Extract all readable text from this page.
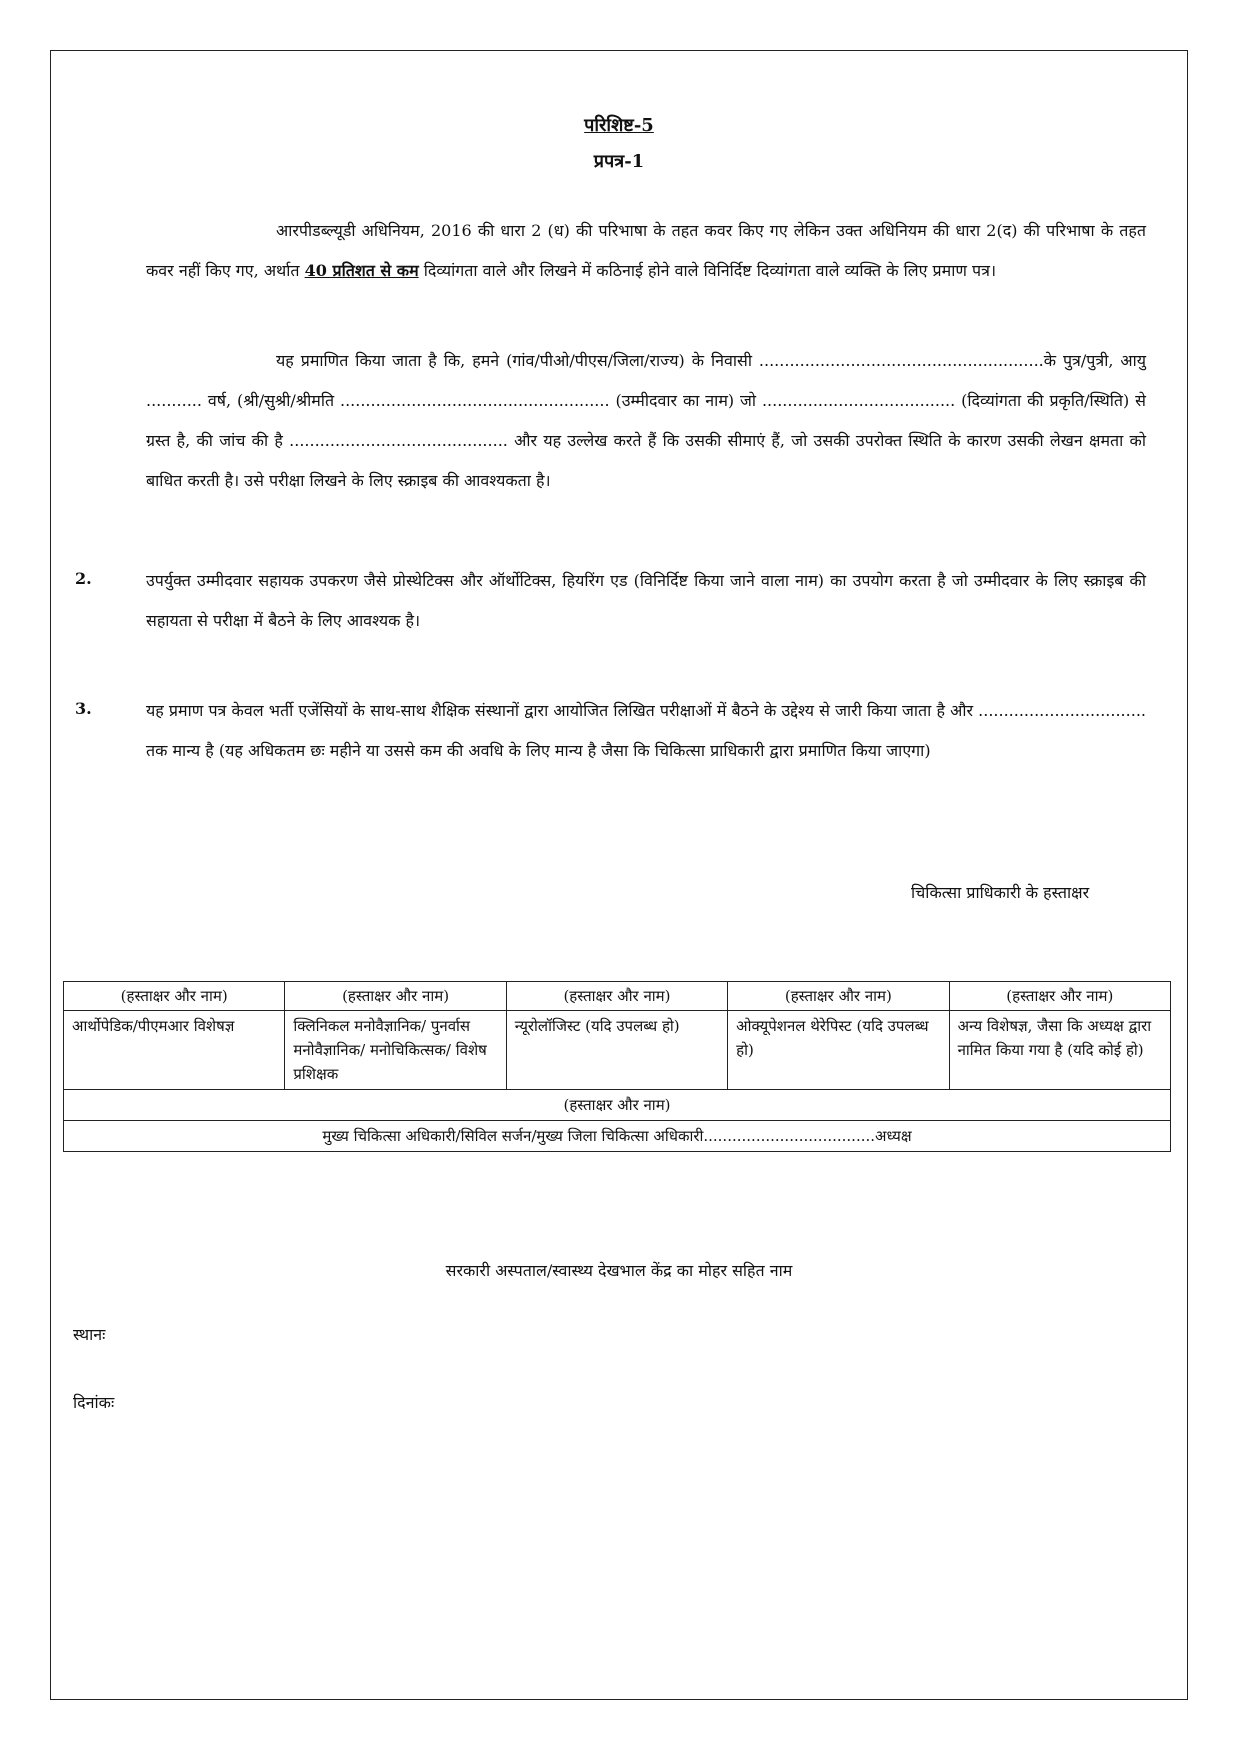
परिशिष्ट-5
प्रपत्र-1
आरपीडब्ल्यूडी अधिनियम, 2016 की धारा 2 (ध) की परिभाषा के तहत कवर किए गए लेकिन उक्त अधिनियम की धारा 2(द) की परिभाषा के तहत कवर नहीं किए गए, अर्थात 40 प्रतिशत से कम दिव्यांगता वाले और लिखने में कठिनाई होने वाले विनिर्दिष्ट दिव्यांगता वाले व्यक्ति के लिए प्रमाण पत्र।
यह प्रमाणित किया जाता है कि, हमने (गांव/पीओ/पीएस/जिला/राज्य) के निवासी ........................................................के पुत्र/पुत्री, आयु ........... वर्ष, (श्री/सुश्री/श्रीमति ..................................................... (उम्मीदवार का नाम) जो ...................................... (दिव्यांगता की प्रकृति/स्थिति) से ग्रस्त है, की जांच की है ........................................... और यह उल्लेख करते हैं कि उसकी सीमाएं हैं, जो उसकी उपरोक्त स्थिति के कारण उसकी लेखन क्षमता को बाधित करती है। उसे परीक्षा लिखने के लिए स्क्राइब की आवश्यकता है।
2.	उपर्युक्त उम्मीदवार सहायक उपकरण जैसे प्रोस्थेटिक्स और ऑर्थोटिक्स, हियरिंग एड (विनिर्दिष्ट किया जाने वाला नाम) का उपयोग करता है जो उम्मीदवार के लिए स्क्राइब की सहायता से परीक्षा में बैठने के लिए आवश्यक है।
3.	यह प्रमाण पत्र केवल भर्ती एजेंसियों के साथ-साथ शैक्षिक संस्थानों द्वारा आयोजित लिखित परीक्षाओं में बैठने के उद्देश्य से जारी किया जाता है और ................................. तक मान्य है (यह अधिकतम छः महीने या उससे कम की अवधि के लिए मान्य है जैसा कि चिकित्सा प्राधिकारी द्वारा प्रमाणित किया जाएगा)
चिकित्सा प्राधिकारी के हस्ताक्षर
(हस्ताक्षर और नाम)	(हस्ताक्षर और नाम)	(हस्ताक्षर और नाम)	(हस्ताक्षर और नाम)	(हस्ताक्षर और नाम)
आर्थोपेडिक/पीएमआर विशेषज्ञ	क्लिनिकल मनोवैज्ञानिक/ पुनर्वास मनोवैज्ञानिक/ मनोचिकित्सक/ विशेष प्रशिक्षक	न्यूरोलॉजिस्ट (यदि उपलब्ध हो)	ओक्यूपेशनल थेरेपिस्ट (यदि उपलब्ध हो)	अन्य विशेषज्ञ, जैसा कि अध्यक्ष द्वारा नामित किया गया है (यदि कोई हो)
(हस्ताक्षर और नाम)				
मुख्य चिकित्सा अधिकारी/सिविल सर्जन/मुख्य जिला चिकित्सा अधिकारी....................................अध्यक्ष				
सरकारी अस्पताल/स्वास्थ्य देखभाल केंद्र का मोहर सहित नाम
स्थानः
दिनांकः
